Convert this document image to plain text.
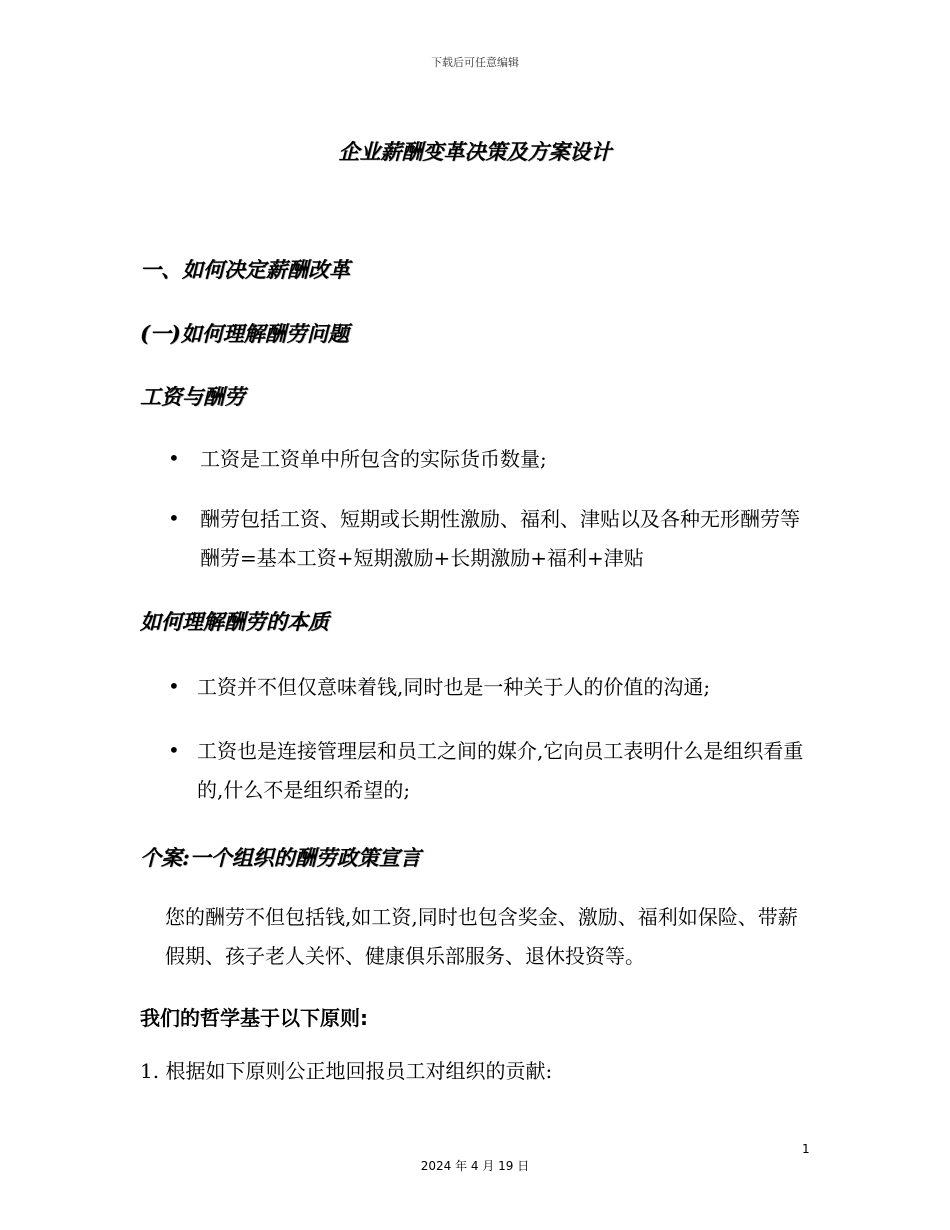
下载后可任意编辑
企业薪酬变革决策及方案设计
一、如何决定薪酬改革
(一)如何理解酬劳问题
工资与酬劳
• 工资是工资单中所包含的实际货币数量;
• 酬劳包括工资、短期或长期性激励、福利、津贴以及各种无形酬劳等酬劳=基本工资+短期激励+长期激励+福利+津贴
如何理解酬劳的本质
• 工资并不但仅意味着钱,同时也是一种关于人的价值的沟通;
• 工资也是连接管理层和员工之间的媒介,它向员工表明什么是组织看重的,什么不是组织希望的;
个案:一个组织的酬劳政策宣言
您的酬劳不但包括钱,如工资,同时也包含奖金、激励、福利如保险、带薪假期、孩子老人关怀、健康俱乐部服务、退休投资等。
我们的哲学基于以下原则:
1. 根据如下原则公正地回报员工对组织的贡献:
1
2024 年 4 月 19 日
